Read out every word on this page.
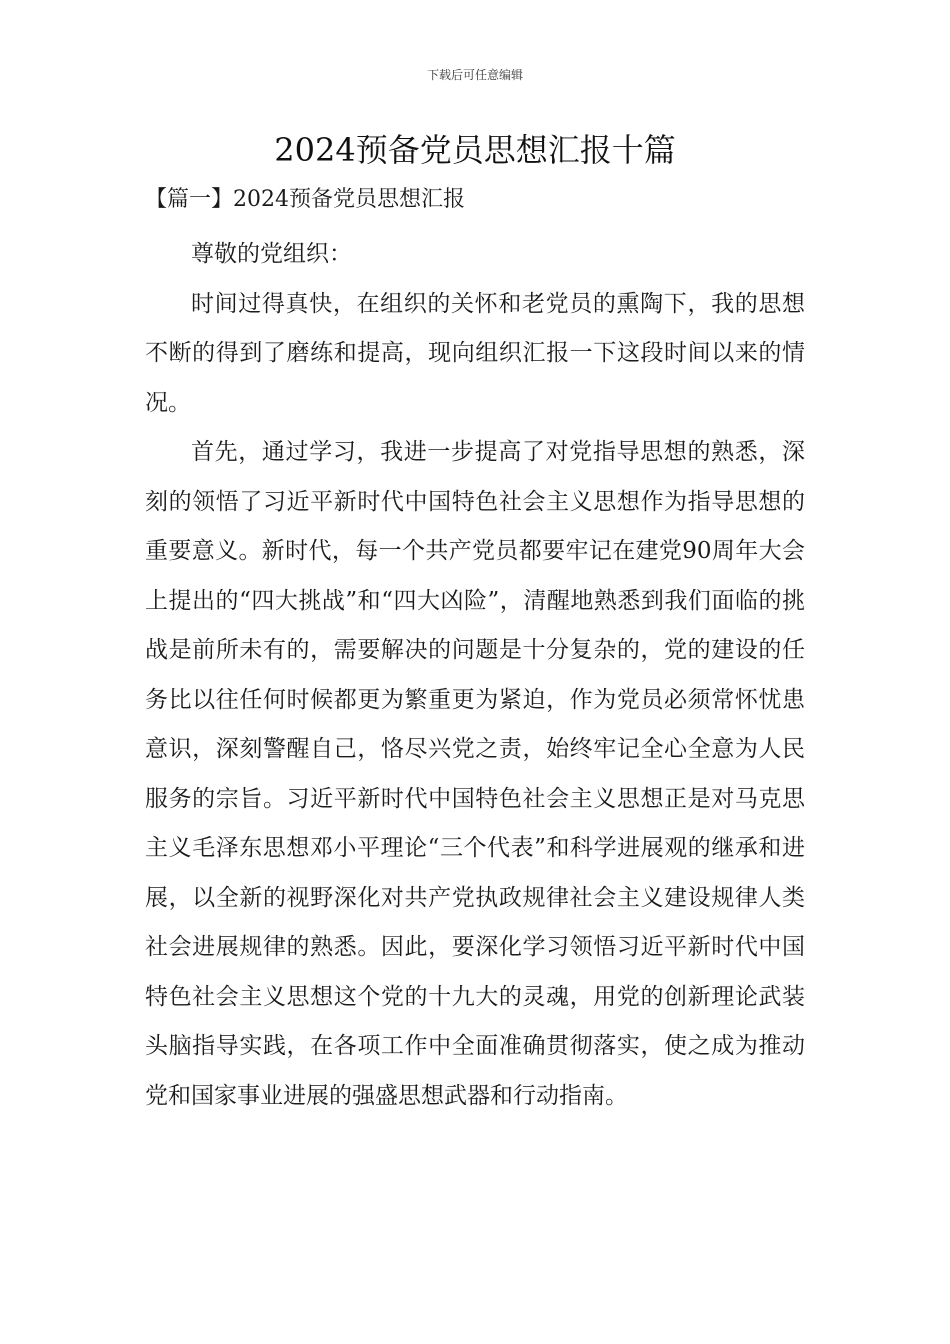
下载后可任意编辑
2024预备党员思想汇报十篇
【篇一】2024预备党员思想汇报

尊敬的党组织：

时间过得真快，在组织的关怀和老党员的熏陶下，我的思想不断的得到了磨练和提高，现向组织汇报一下这段时间以来的情况。

首先，通过学习，我进一步提高了对党指导思想的熟悉，深刻的领悟了习近平新时代中国特色社会主义思想作为指导思想的重要意义。新时代，每一个共产党员都要牢记在建党90周年大会上提出的“四大挑战”和“四大凶险”，清醒地熟悉到我们面临的挑战是前所未有的，需要解决的问题是十分复杂的，党的建设的任务比以往任何时候都更为繁重更为紧迫，作为党员必须常怀忧患意识，深刻警醒自己，恪尽兴党之责，始终牢记全心全意为人民服务的宗旨。习近平新时代中国特色社会主义思想正是对马克思主义毛泽东思想邓小平理论“三个代表”和科学进展观的继承和进展，以全新的视野深化对共产党执政规律社会主义建设规律人类社会进展规律的熟悉。因此，要深化学习领悟习近平新时代中国特色社会主义思想这个党的十九大的灵魂，用党的创新理论武装头脑指导实践，在各项工作中全面准确贯彻落实，使之成为推动党和国家事业进展的强盛思想武器和行动指南。
